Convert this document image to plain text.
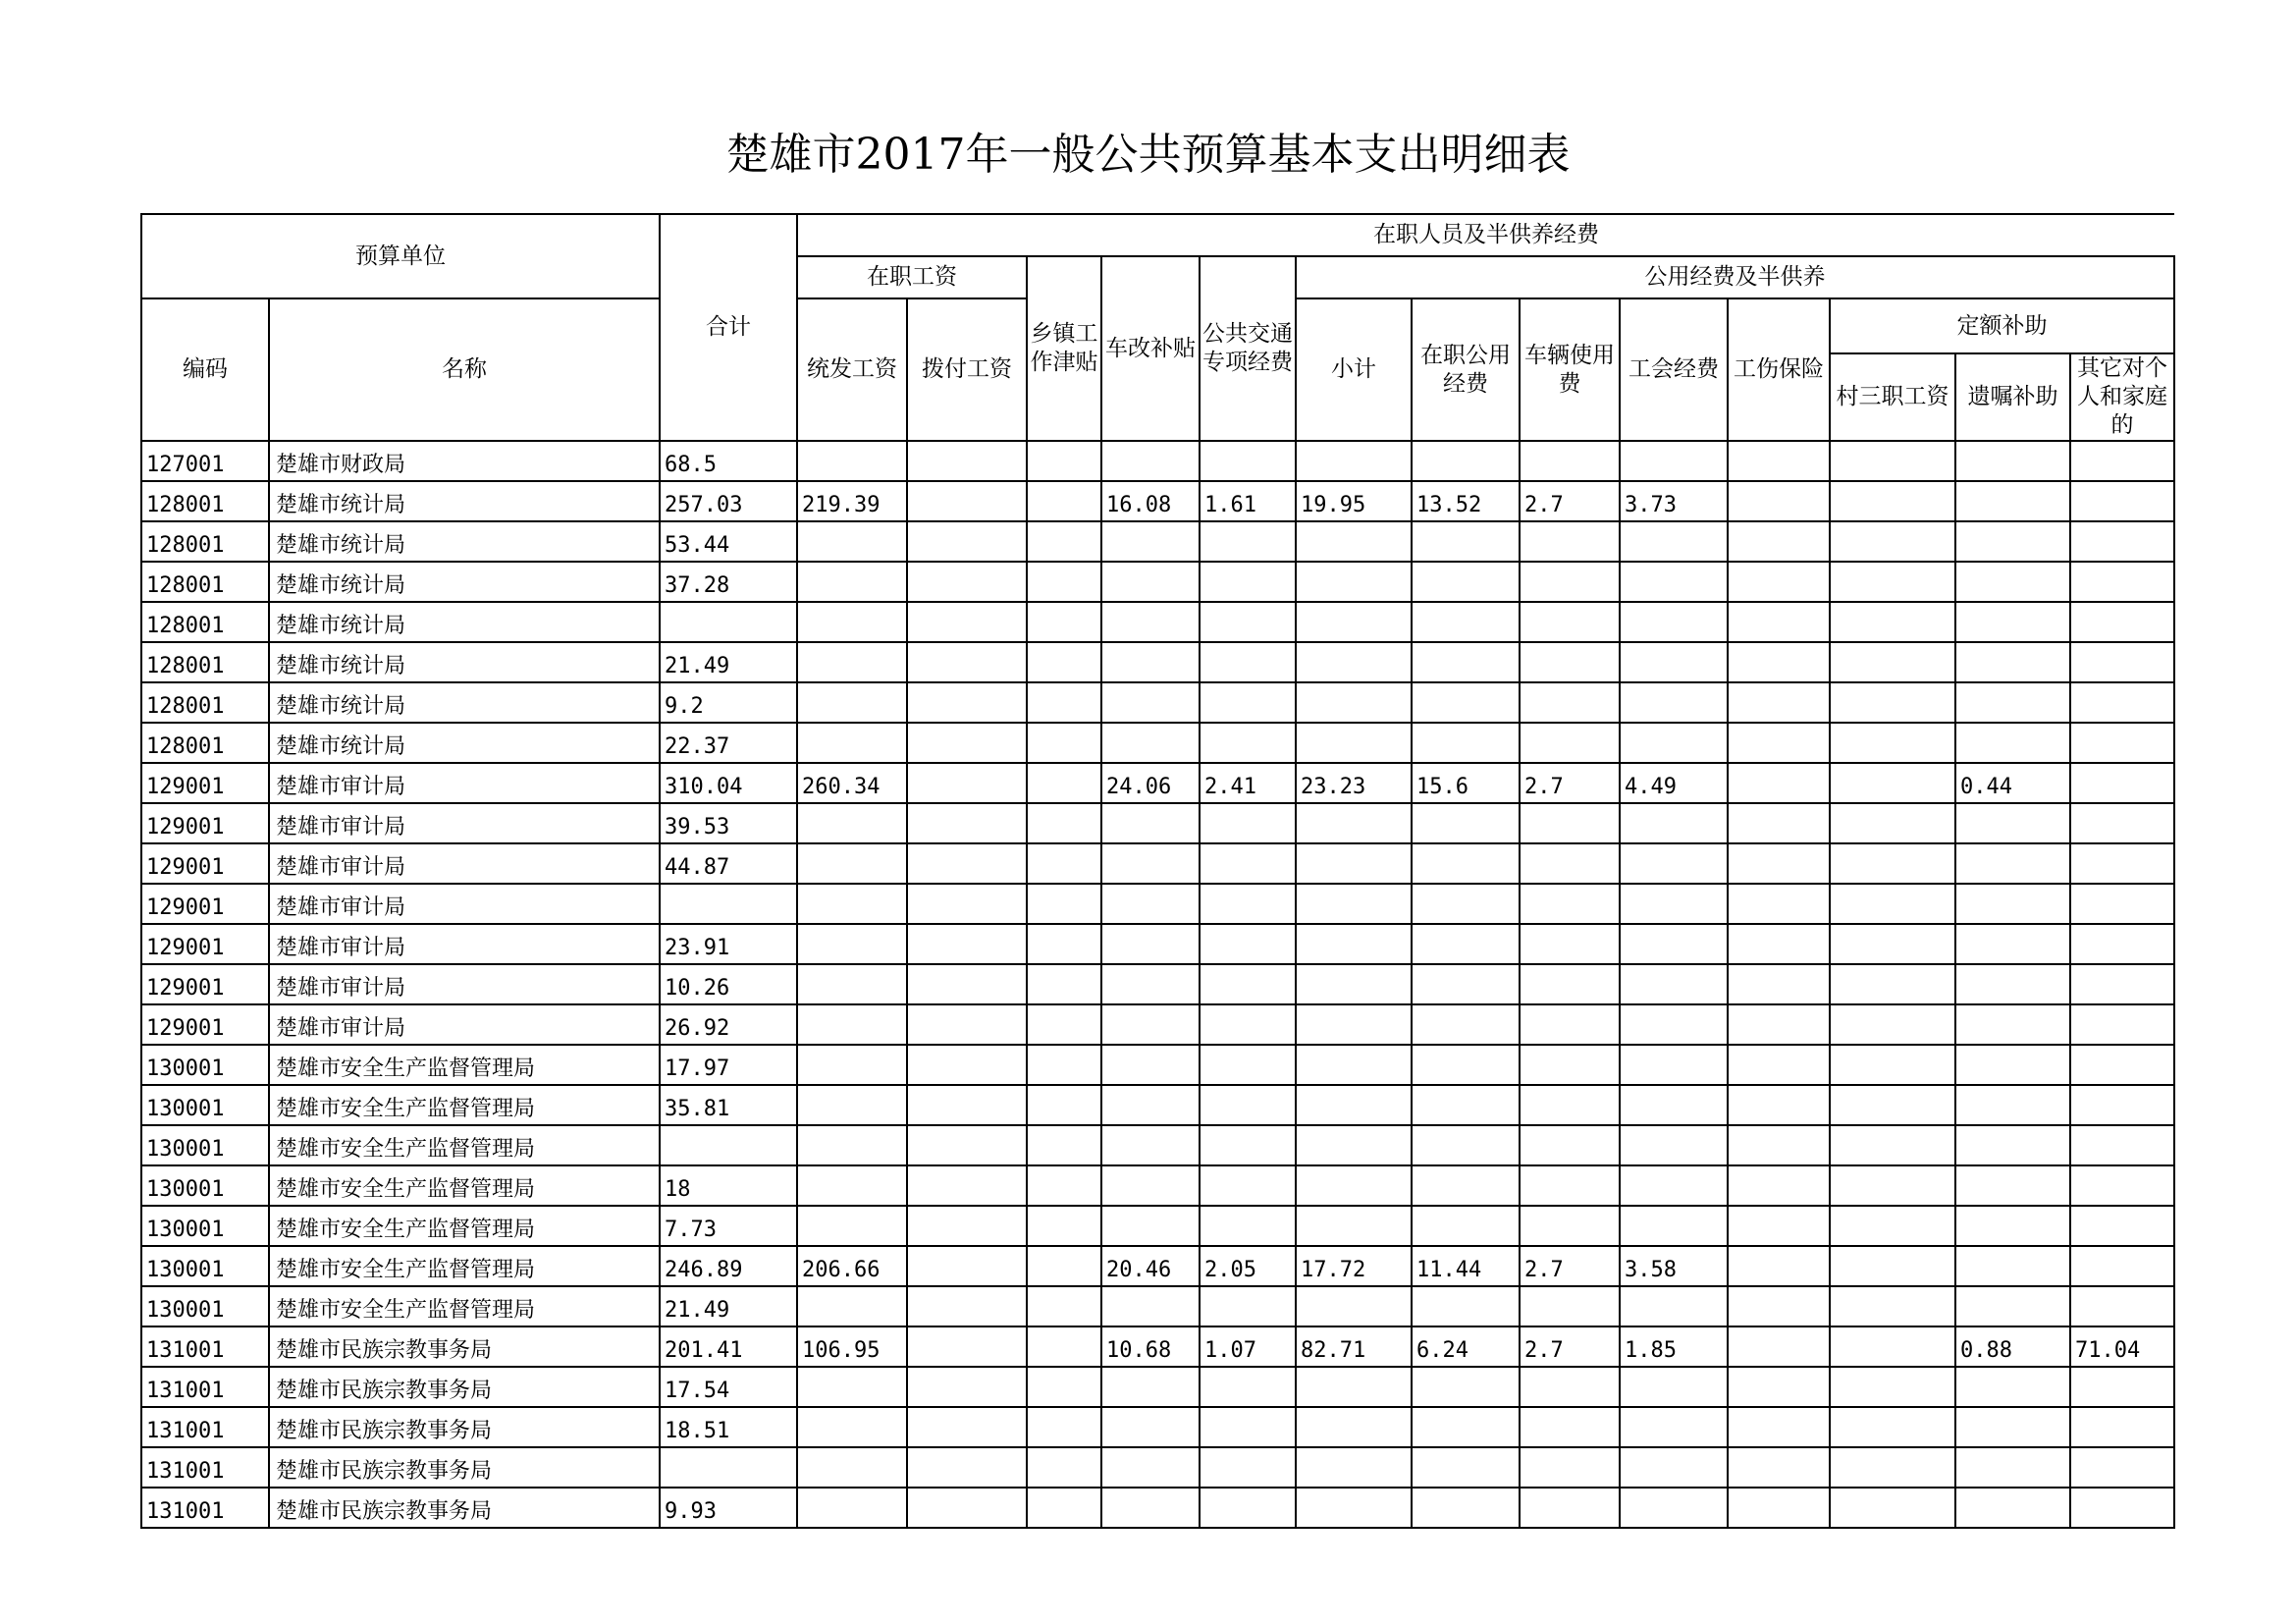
楚雄市2017年一般公共预算基本支出明细表
预算单位		合计	在职人员及半供养经费												
			在职工资		乡镇工作津贴	车改补贴	公共交通专项经费	公用经费及半供养							
编码	名称		统发工资	拨付工资				小计	在职公用经费	车辆使用费	工会经费	工伤保险	定额补助		
													村三职工资	遗嘱补助	其它对个人和家庭的
127001	楚雄市财政局	68.5													
128001	楚雄市统计局	257.03	219.39			16.08	1.61	19.95	13.52	2.7	3.73				
128001	楚雄市统计局	53.44													
128001	楚雄市统计局	37.28													
128001	楚雄市统计局														
128001	楚雄市统计局	21.49													
128001	楚雄市统计局	9.2													
128001	楚雄市统计局	22.37													
129001	楚雄市审计局	310.04	260.34			24.06	2.41	23.23	15.6	2.7	4.49			0.44	
129001	楚雄市审计局	39.53													
129001	楚雄市审计局	44.87													
129001	楚雄市审计局														
129001	楚雄市审计局	23.91													
129001	楚雄市审计局	10.26													
129001	楚雄市审计局	26.92													
130001	楚雄市安全生产监督管理局	17.97													
130001	楚雄市安全生产监督管理局	35.81													
130001	楚雄市安全生产监督管理局														
130001	楚雄市安全生产监督管理局	18													
130001	楚雄市安全生产监督管理局	7.73													
130001	楚雄市安全生产监督管理局	246.89	206.66			20.46	2.05	17.72	11.44	2.7	3.58				
130001	楚雄市安全生产监督管理局	21.49													
131001	楚雄市民族宗教事务局	201.41	106.95			10.68	1.07	82.71	6.24	2.7	1.85			0.88	71.04
131001	楚雄市民族宗教事务局	17.54													
131001	楚雄市民族宗教事务局	18.51													
131001	楚雄市民族宗教事务局														
131001	楚雄市民族宗教事务局	9.93													
